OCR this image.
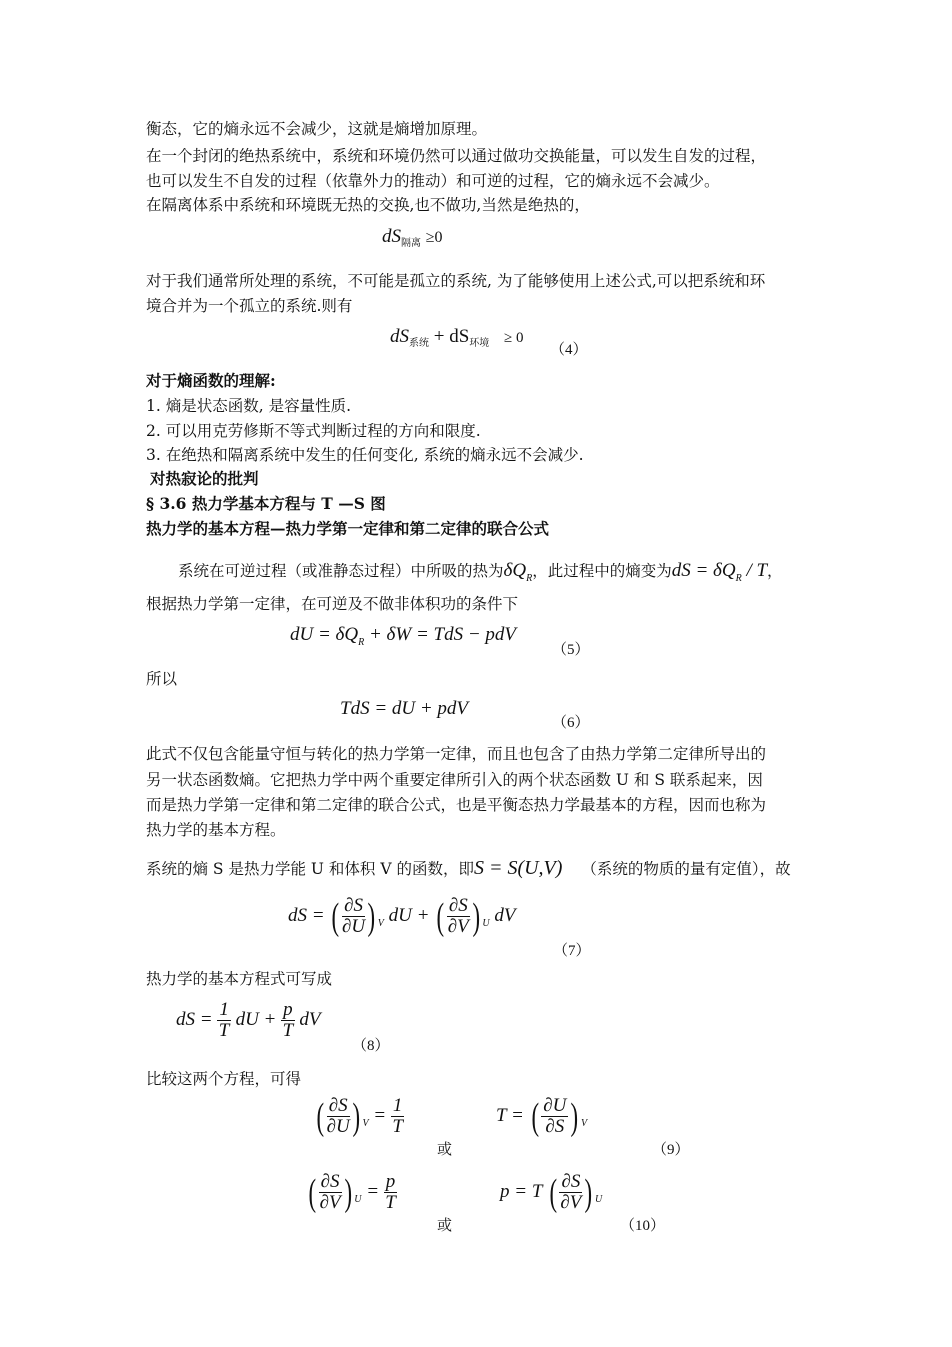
衡态，它的熵永远不会减少，这就是熵增加原理。
在一个封闭的绝热系统中，系统和环境仍然可以通过做功交换能量，可以发生自发的过程，
也可以发生不自发的过程（依靠外力的推动）和可逆的过程，它的熵永远不会减少。
在隔离体系中系统和环境既无热的交换,也不做功,当然是绝热的，
$dS_{隔离} \ge 0$
对于我们通常所处理的系统，不可能是孤立的系统, 为了能够使用上述公式,可以把系统和环
境合并为一个孤立的系统.则有
$dS_{系统} + dS_{环境} \ge 0$
（4）
对于熵函数的理解:
1. 熵是状态函数, 是容量性质.
2. 可以用克劳修斯不等式判断过程的方向和限度.
3. 在绝热和隔离系统中发生的任何变化, 系统的熵永远不会减少.
对热寂论的批判
§ 3.6 热力学基本方程与 T —S 图
热力学的基本方程—热力学第一定律和第二定律的联合公式
系统在可逆过程（或准静态过程）中所吸的热为$\delta Q_R$，此过程中的熵变为dS = $\delta Q_R$ / T，
根据热力学第一定律，在可逆及不做非体积功的条件下
dU = $\delta Q_R + \delta W$ = TdS − pdV
（5）
所以
TdS = dU + pdV
（6）
此式不仅包含能量守恒与转化的热力学第一定律，而且也包含了由热力学第二定律所导出的
另一状态函数熵。它把热力学中两个重要定律所引入的两个状态函数 U 和 S 联系起来，因
而是热力学第一定律和第二定律的联合公式，也是平衡态热力学最基本的方程，因而也称为
热力学的基本方程。
系统的熵 S 是热力学能 U 和体积 V 的函数，即S = S(U,V) （系统的物质的量有定值），故
dS = ( $\frac{\partial S}{\partial U}$ ) $_V$ dU + ( $\frac{\partial S}{\partial V}$ ) $_U$ dV
（7）
热力学的基本方程式可写成
dS = $\frac{1}{T}$ dU + $\frac{p}{T}$ dV
（8）
比较这两个方程，可得
( $\frac{\partial S}{\partial U}$ ) $_V = \frac{1}{T}$
或
T = ( $\frac{\partial U}{\partial S}$ ) $_V$
（9）
( $\frac{\partial S}{\partial V}$ ) $_U = \frac{p}{T}$
或
p = T ( $\frac{\partial S}{\partial V}$ ) $_U$
（10）
